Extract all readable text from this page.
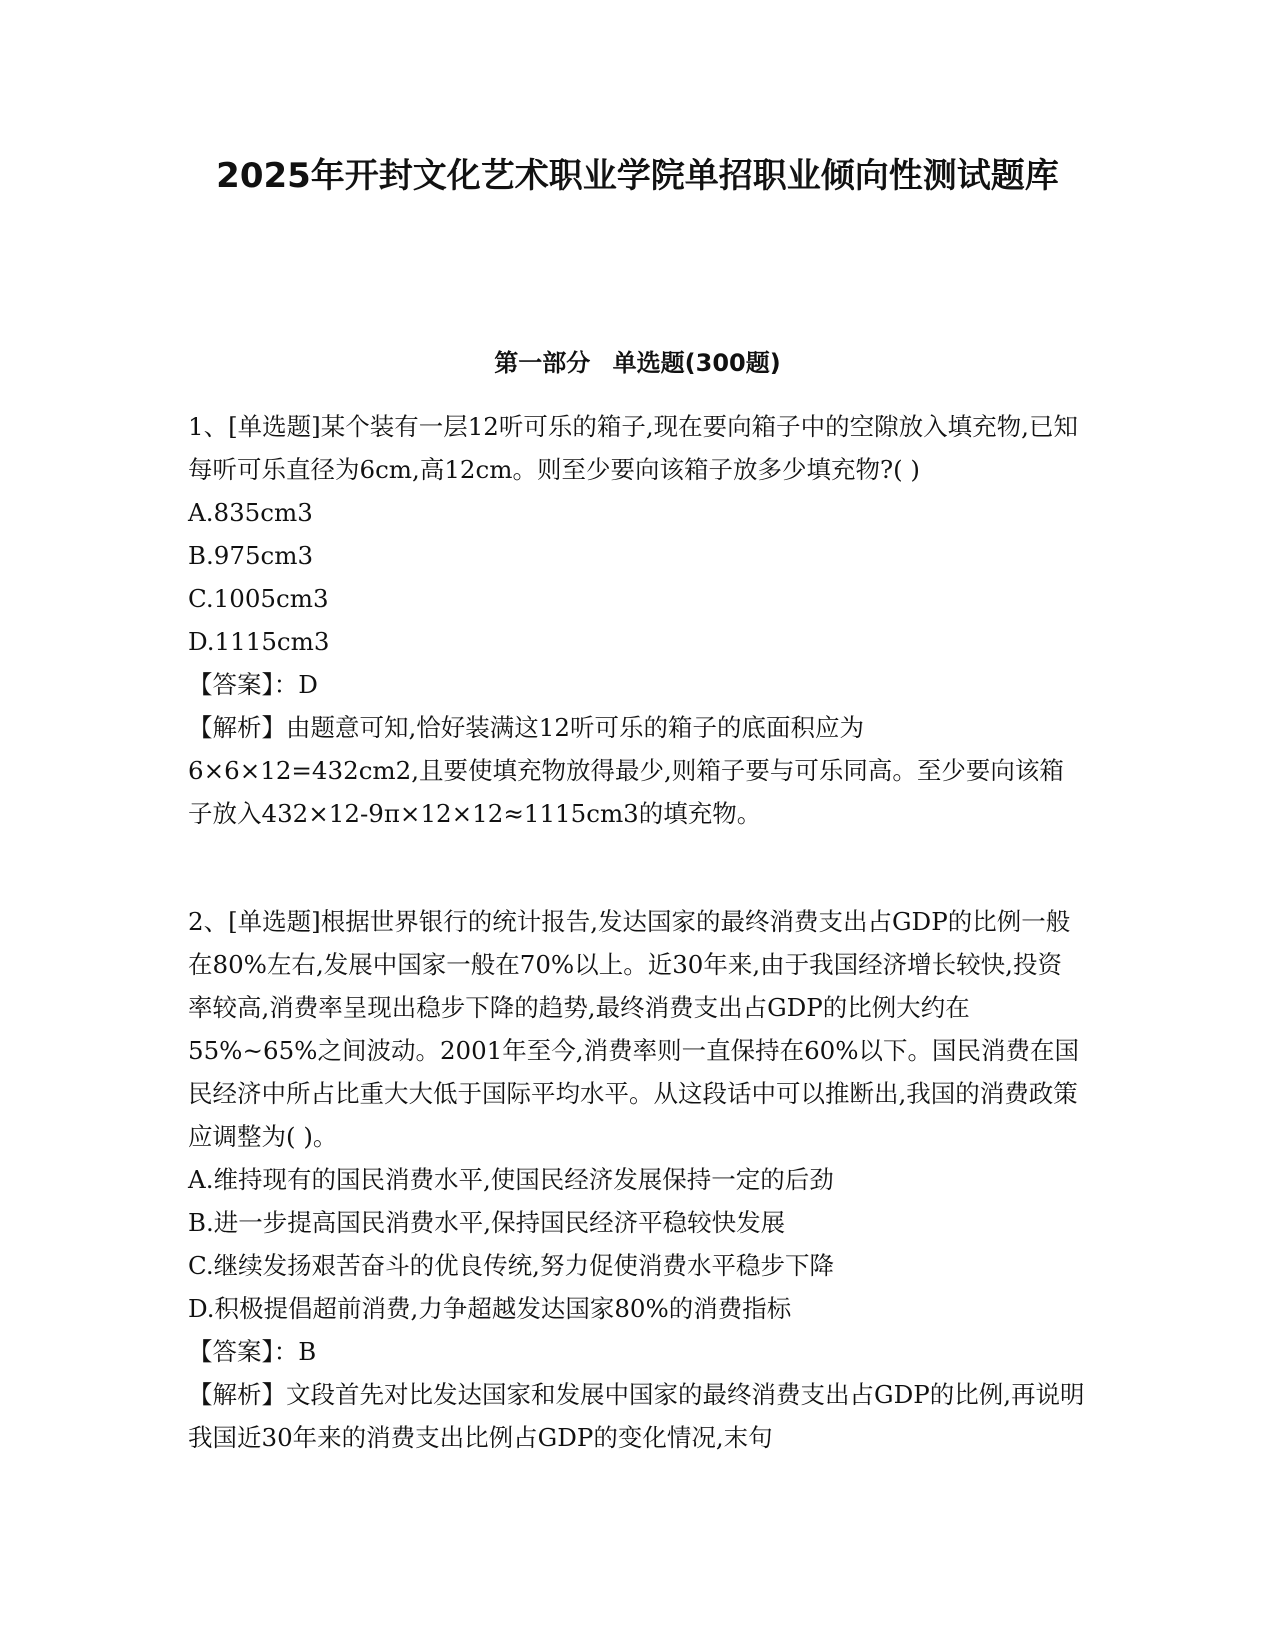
2025年开封文化艺术职业学院单招职业倾向性测试题库
第一部分 单选题(300题)

1、[单选题]某个装有一层12听可乐的箱子,现在要向箱子中的空隙放入填充物,已知每听可乐直径为6cm,高12cm。则至少要向该箱子放多少填充物?( )

A.835cm3

B.975cm3

C.1005cm3

D.1115cm3

【答案】：D

【解析】由题意可知,恰好装满这12听可乐的箱子的底面积应为6×6×12=432cm2,且要使填充物放得最少,则箱子要与可乐同高。至少要向该箱子放入432×12-9π×12×12≈1115cm3的填充物。

2、[单选题]根据世界银行的统计报告,发达国家的最终消费支出占GDP的比例一般在80%左右,发展中国家一般在70%以上。近30年来,由于我国经济增长较快,投资率较高,消费率呈现出稳步下降的趋势,最终消费支出占GDP的比例大约在55%~65%之间波动。2001年至今,消费率则一直保持在60%以下。国民消费在国民经济中所占比重大大低于国际平均水平。从这段话中可以推断出,我国的消费政策应调整为( )。

A.维持现有的国民消费水平,使国民经济发展保持一定的后劲

B.进一步提高国民消费水平,保持国民经济平稳较快发展

C.继续发扬艰苦奋斗的优良传统,努力促使消费水平稳步下降

D.积极提倡超前消费,力争超越发达国家80%的消费指标

【答案】：B

【解析】文段首先对比发达国家和发展中国家的最终消费支出占GDP的比例,再说明我国近30年来的消费支出比例占GDP的变化情况,末句
